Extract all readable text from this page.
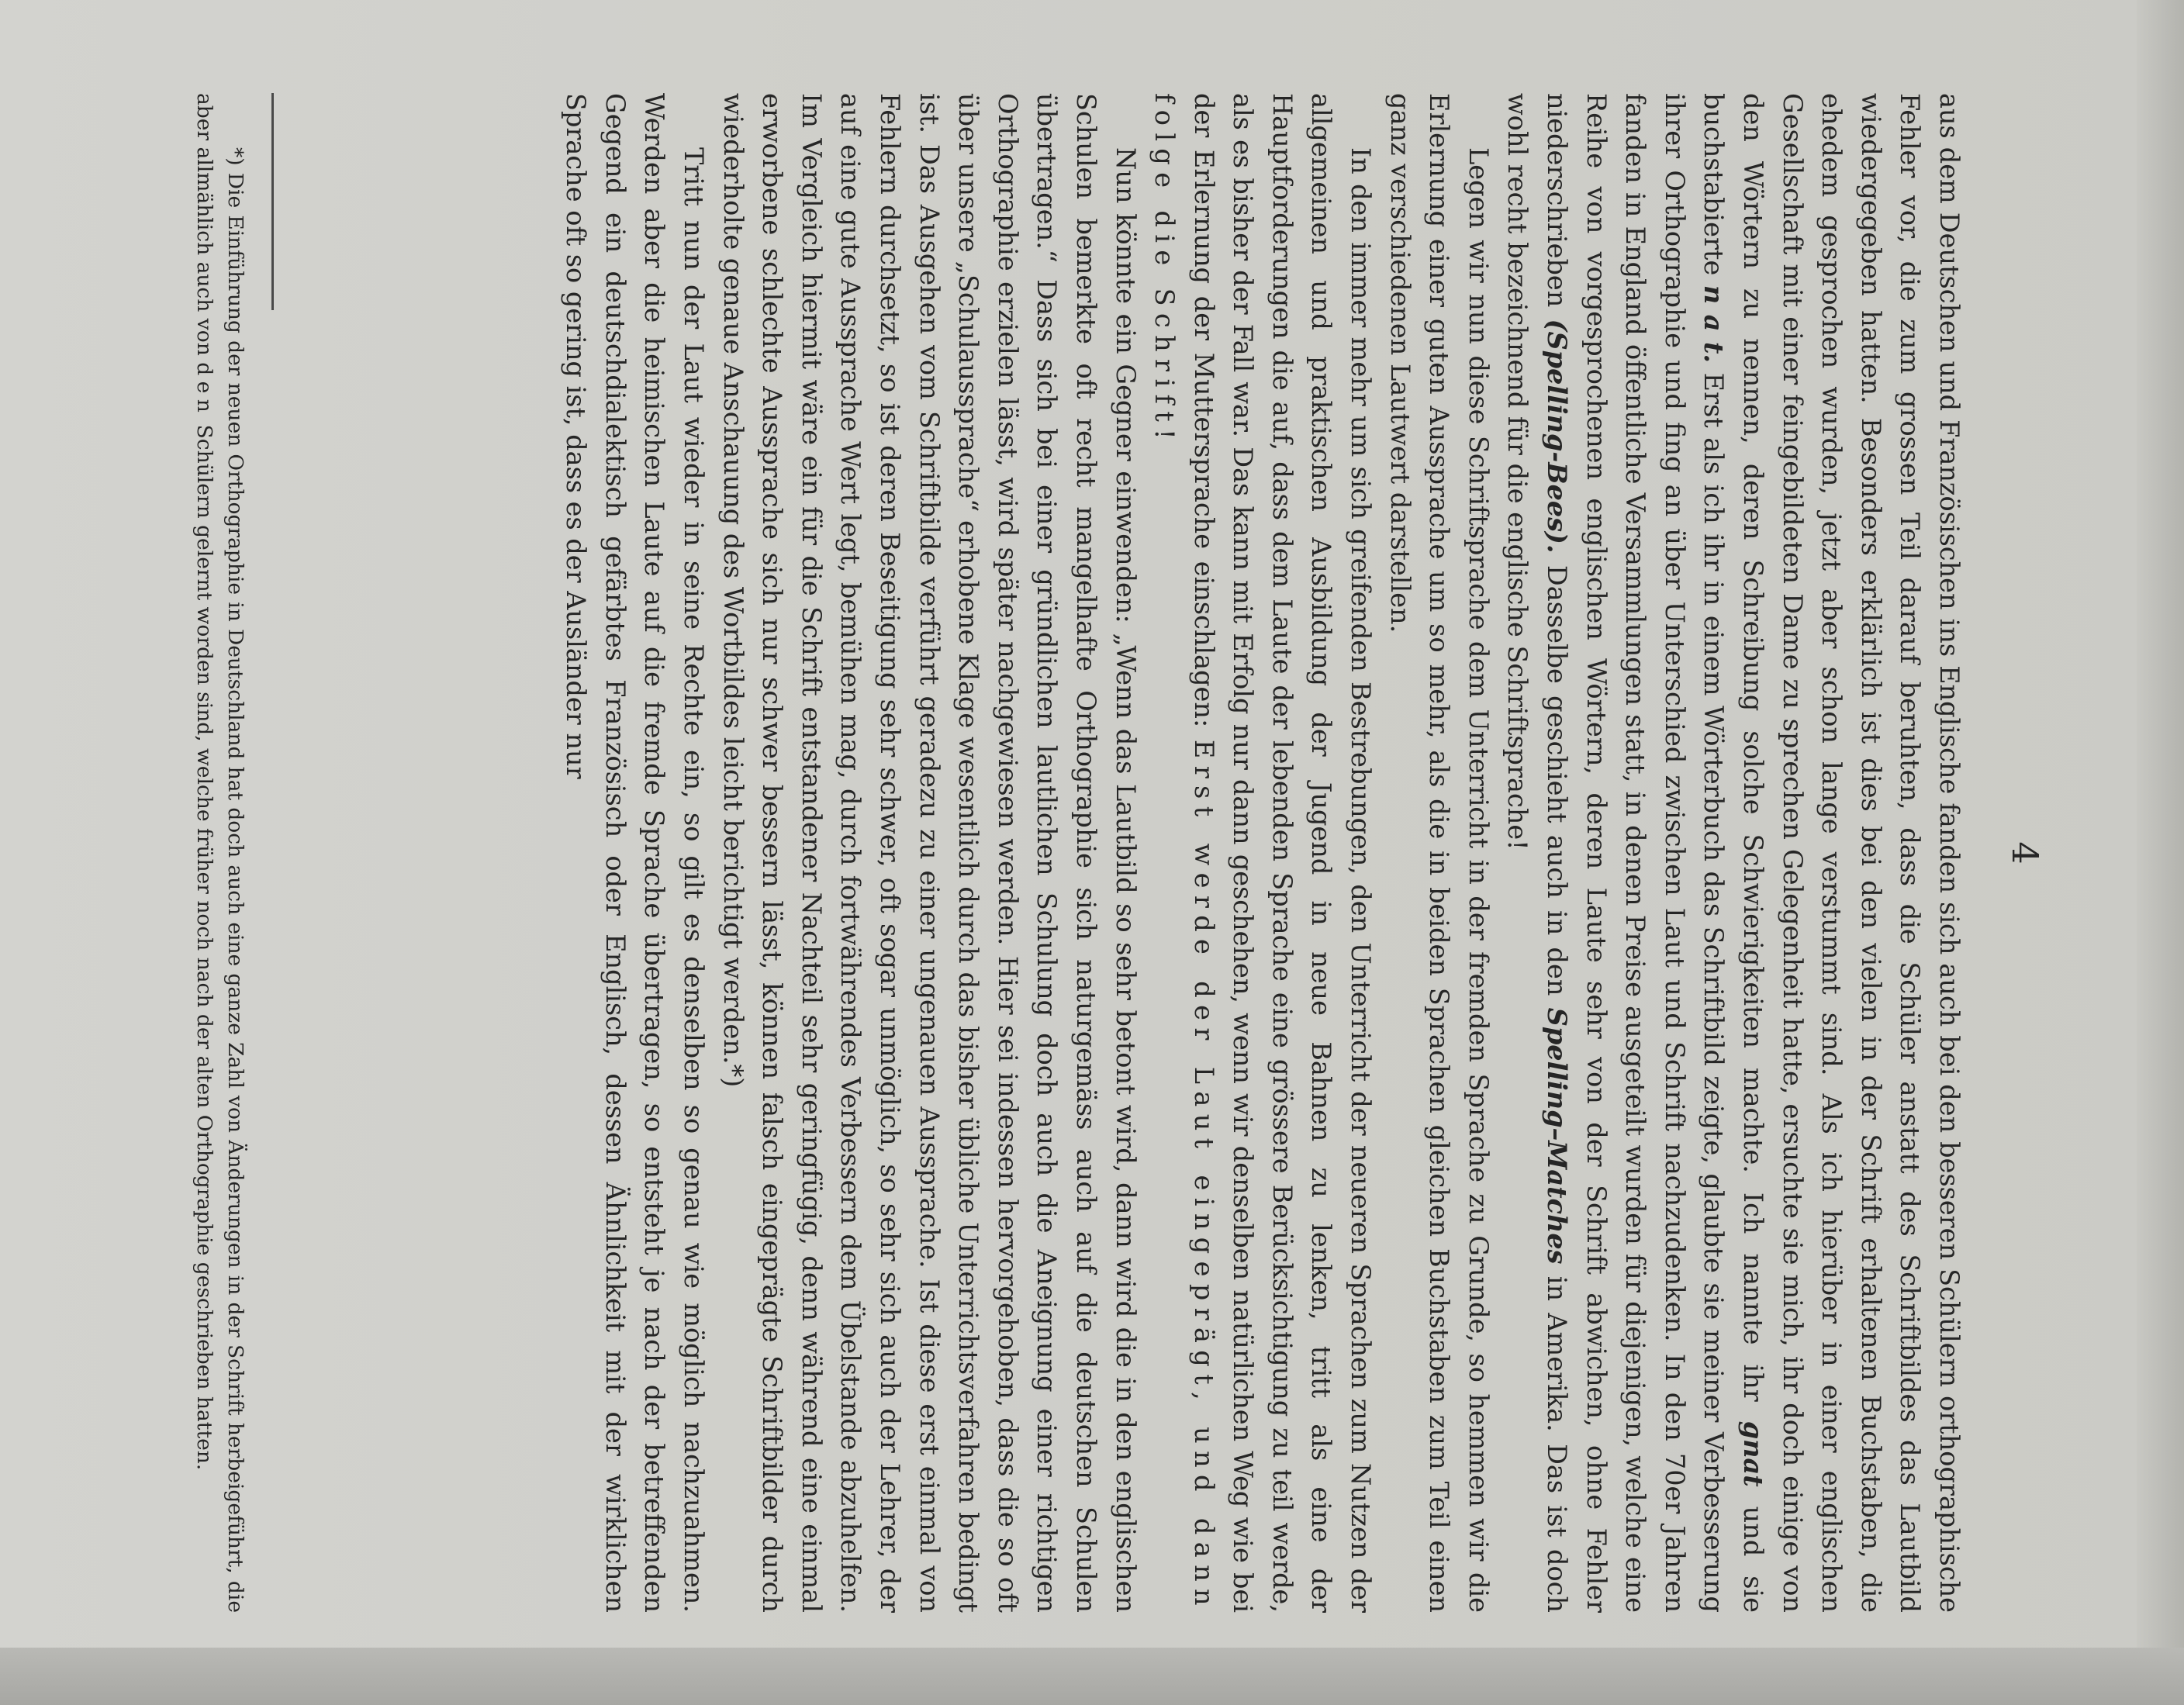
4

aus dem Deutschen und Französischen ins Englische fanden sich auch bei den besseren Schülern orthographische Fehler vor, die zum grossen Teil darauf beruhten, dass die Schüler anstatt des Schriftbildes das Lautbild wiedergegeben hatten. Besonders erklärlich ist dies bei den vielen in der Schrift erhaltenen Buchstaben, die ehedem gesprochen wurden, jetzt aber schon lange verstummt sind. Als ich hierüber in einer englischen Gesellschaft mit einer feingebildeten Dame zu sprechen Gelegenheit hatte, ersuchte sie mich, ihr doch einige von den Wörtern zu nennen, deren Schreibung solche Schwierigkeiten machte. Ich nannte ihr gnat und sie buchstabierte n a t. Erst als ich ihr in einem Wörterbuch das Schriftbild zeigte, glaubte sie meiner Verbesserung ihrer Orthographie und fing an über Unterschied zwischen Laut und Schrift nachzudenken. In den 70er Jahren fanden in England öffentliche Versammlungen statt, in denen Preise ausgeteilt wurden für diejenigen, welche eine Reihe von vorgesprochenen englischen Wörtern, deren Laute sehr von der Schrift abwichen, ohne Fehler niederschrieben (Spelling-Bees). Dasselbe geschieht auch in den Spelling–Matches in Amerika. Das ist doch wohl recht bezeichnend für die englische Schriftsprache!

Legen wir nun diese Schriftsprache dem Unterricht in der fremden Sprache zu Grunde, so hemmen wir die Erlernung einer guten Aussprache um so mehr, als die in beiden Sprachen gleichen Buchstaben zum Teil einen ganz verschiedenen Lautwert darstellen.

In den immer mehr um sich greifenden Bestrebungen, den Unterricht der neueren Sprachen zum Nutzen der allgemeinen und praktischen Ausbildung der Jugend in neue Bahnen zu lenken, tritt als eine der Hauptforderungen die auf, dass dem Laute der lebenden Sprache eine grössere Berücksichtigung zu teil werde, als es bisher der Fall war. Das kann mit Erfolg nur dann geschehen, wenn wir denselben natürlichen Weg wie bei der Erlernung der Muttersprache einschlagen: Erst werde der Laut eingeprägt, und dann folge die Schrift!

Nun könnte ein Gegner einwenden: „Wenn das Lautbild so sehr betont wird, dann wird die in den englischen Schulen bemerkte oft recht mangelhafte Orthographie sich naturgemäss auch auf die deutschen Schulen übertragen.“ Dass sich bei einer gründlichen lautlichen Schulung doch auch die Aneignung einer richtigen Orthographie erzielen lässt, wird später nachgewiesen werden. Hier sei indessen hervorgehoben, dass die so oft über unsere „Schulaussprache“ erhobene Klage wesentlich durch das bisher übliche Unterrichtsverfahren bedingt ist. Das Ausgehen vom Schriftbilde verführt geradezu zu einer ungenauen Aussprache. Ist diese erst einmal von Fehlern durchsetzt, so ist deren Beseitigung sehr schwer, oft sogar unmöglich, so sehr sich auch der Lehrer, der auf eine gute Aussprache Wert legt, bemühen mag, durch fortwährendes Verbessern dem Übelstande abzuhelfen. Im Vergleich hiermit wäre ein für die Schrift entstandener Nachteil sehr geringfügig, denn während eine einmal erworbene schlechte Aussprache sich nur schwer bessern lässt, können falsch eingeprägte Schriftbilder durch wiederholte genaue Anschauung des Wortbildes leicht berichtigt werden.*)

Tritt nun der Laut wieder in seine Rechte ein, so gilt es denselben so genau wie möglich nachzuahmen. Werden aber die heimischen Laute auf die fremde Sprache übertragen, so entsteht je nach der betreffenden Gegend ein deutschdialektisch gefärbtes Französisch oder Englisch, dessen Ähnlichkeit mit der wirklichen Sprache oft so gering ist, dass es der Ausländer nur

*) Die Einführung der neuen Orthographie in Deutschland hat doch auch eine ganze Zahl von Änderungen in der Schrift herbeigeführt, die aber allmählich auch von den Schülern gelernt worden sind, welche früher noch nach der alten Orthographie geschrieben hatten.
